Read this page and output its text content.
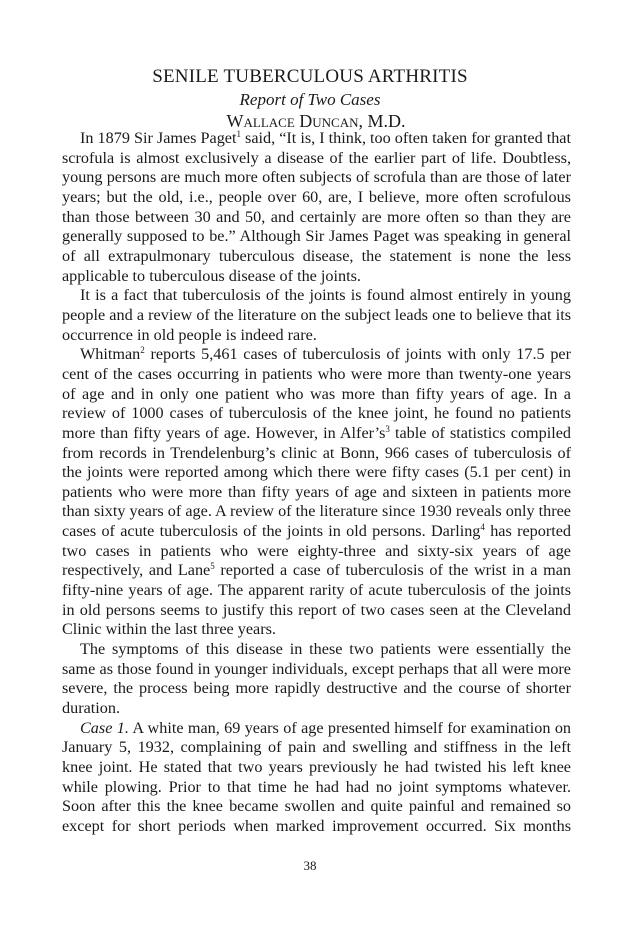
SENILE TUBERCULOUS ARTHRITIS
Report of Two Cases
Wallace Duncan, M.D.

In 1879 Sir James Paget$^1$ said, “It is, I think, too often taken for granted that scrofula is almost exclusively a disease of the earlier part of life. Doubtless, young persons are much more often subjects of scrofula than are those of later years; but the old, i.e., people over 60, are, I believe, more often scrofulous than those between 30 and 50, and certainly are more often so than they are generally supposed to be.” Although Sir James Paget was speaking in general of all extrapulmonary tuberculous disease, the statement is none the less applicable to tuberculous disease of the joints.

It is a fact that tuberculosis of the joints is found almost entirely in young people and a review of the literature on the subject leads one to believe that its occurrence in old people is indeed rare.

Whitman$^2$ reports 5,461 cases of tuberculosis of joints with only 17.5 per cent of the cases occurring in patients who were more than twenty-one years of age and in only one patient who was more than fifty years of age. In a review of 1000 cases of tuberculosis of the knee joint, he found no patients more than fifty years of age. However, in $Alfer’s^3$ table of statistics compiled from records in Trendelenburg’s clinic at Bonn, 966 cases of tuberculosis of the joints were reported among which there were fifty cases (5.1 per cent) in patients who were more than fifty years of age and sixteen in patients more than sixty years of age. A review of the literature since 1930 reveals only three cases of acute tuberculosis of the joints in old persons. Darling$^4$ has reported two cases in patients who were eighty-three and sixty-six years of age respectively, and Lane$^5$ reported a case of tuberculosis of the wrist in a man fifty-nine years of age. The apparent rarity of acute tuberculosis of the joints in old persons seems to justify this report of two cases seen at the Cleveland Clinic within the last three years.

The symptoms of this disease in these two patients were essentially the same as those found in younger individuals, except perhaps that all were more severe, the process being more rapidly destructive and the course of shorter duration.

Case 1. A white man, 69 years of age presented himself for examination on January 5, 1932, complaining of pain and swelling and stiffness in the left knee joint. He stated that two years previously he had twisted his left knee while plowing. Prior to that time he had had no joint symptoms whatever. Soon after this the knee became swollen and quite painful and remained so except for short periods when marked improvement occurred. Six months

38
